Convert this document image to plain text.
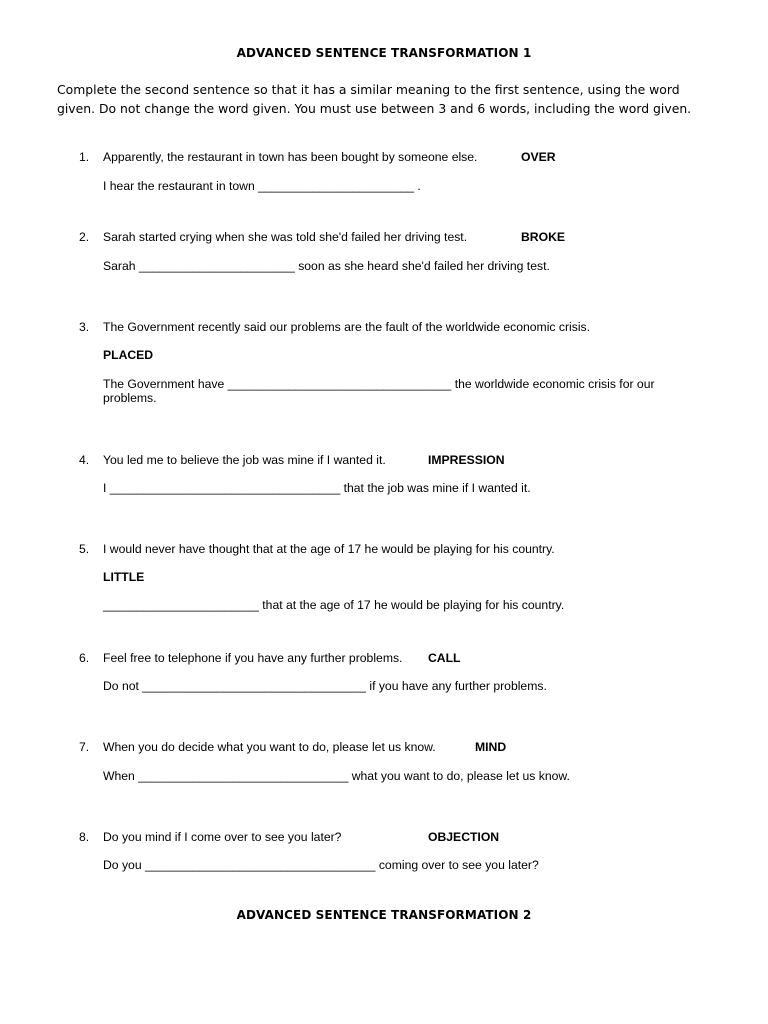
ADVANCED SENTENCE TRANSFORMATION 1
Complete the second sentence so that it has a similar meaning to the first sentence, using the word given. Do not change the word given. You must use between 3 and 6 words, including the word given.
1. Apparently, the restaurant in town has been bought by someone else.	OVER
I hear the restaurant in town _______________________ .
2. Sarah started crying when she was told she'd failed her driving test.	BROKE
Sarah _______________________ soon as she heard she'd failed her driving test.
3. The Government recently said our problems are the fault of the worldwide economic crisis.
PLACED
The Government have _________________________________ the worldwide economic crisis for our problems.
4. You led me to believe the job was mine if I wanted it.	IMPRESSION
I __________________________________ that the job was mine if I wanted it.
5. I would never have thought that at the age of 17 he would be playing for his country.
LITTLE
_______________________ that at the age of 17 he would be playing for his country.
6. Feel free to telephone if you have any further problems. CALL
Do not _________________________________ if you have any further problems.
7. When you do decide what you want to do, please let us know.	MIND
When _______________________________ what you want to do, please let us know.
8. Do you mind if I come over to see you later?	OBJECTION
Do you __________________________________ coming over to see you later?
ADVANCED SENTENCE TRANSFORMATION 2
